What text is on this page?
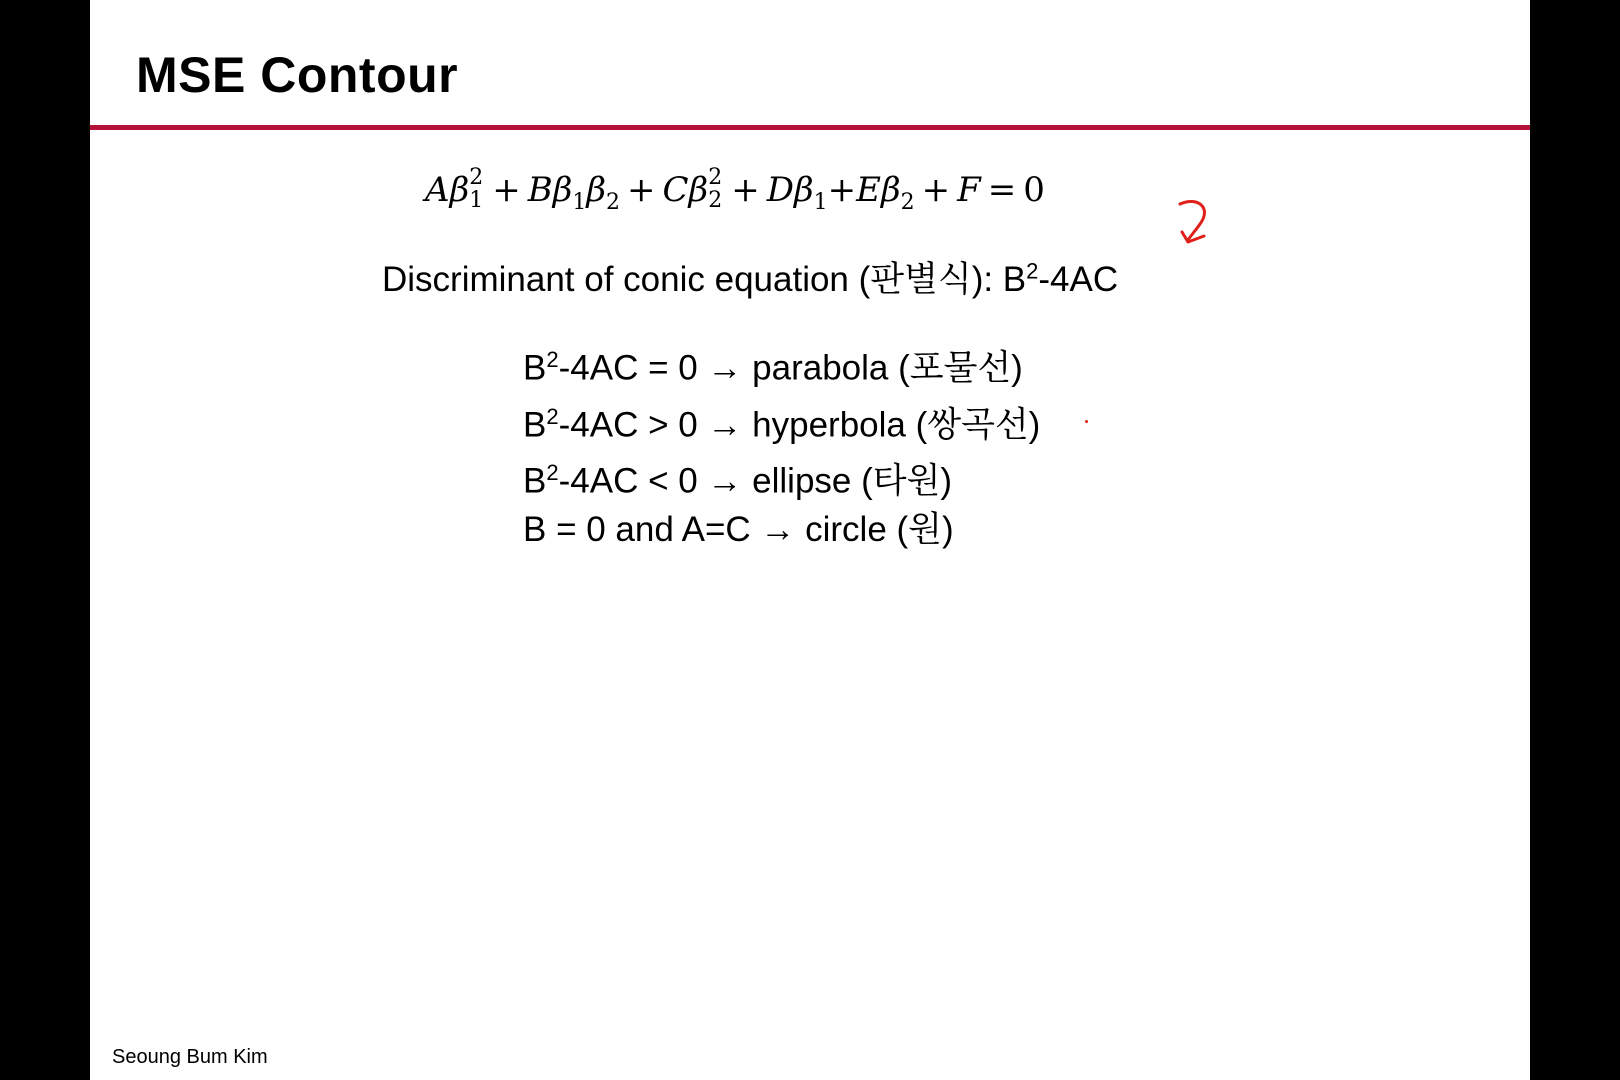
MSE Contour
Aβ 2
$1 + B\beta_1\beta_2 + C\beta$ 2
$2 + D\beta_1+E\beta_2 + F = 0$
Discriminant of conic equation (판별식): $B^2-4AC$
$B^2-4AC = 0$ → parabola (포물선)
$B^2-4AC > 0$ → hyperbola (쌍곡선)
$B^2-4AC < 0$ → ellipse (타원)
B = 0 and A=C → circle (원)
Seoung Bum Kim
